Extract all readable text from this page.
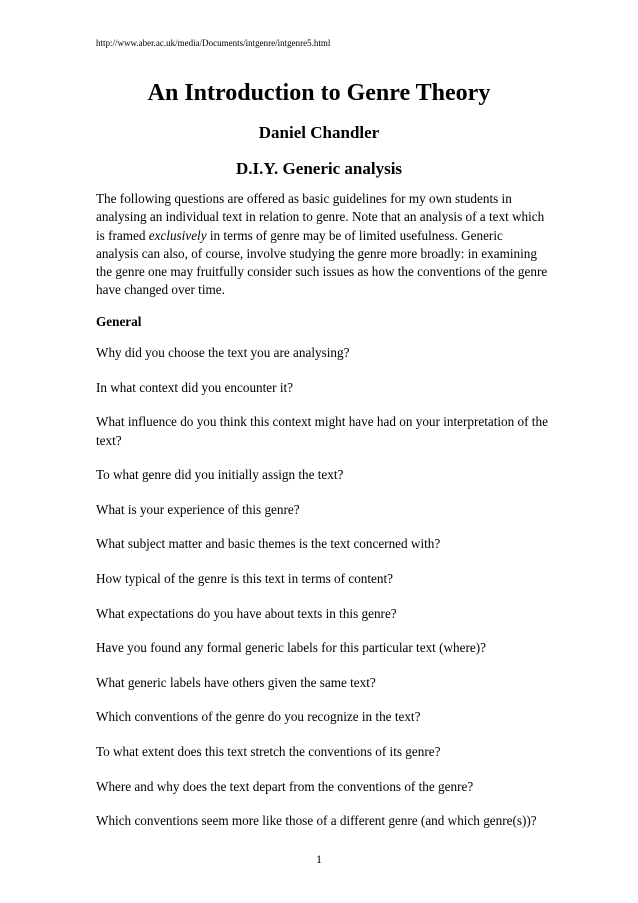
http://www.aber.ac.uk/media/Documents/intgenre/intgenre5.html
An Introduction to Genre Theory
Daniel Chandler
D.I.Y. Generic analysis

The following questions are offered as basic guidelines for my own students in analysing an individual text in relation to genre. Note that an analysis of a text which is framed exclusively in terms of genre may be of limited usefulness. Generic analysis can also, of course, involve studying the genre more broadly: in examining the genre one may fruitfully consider such issues as how the conventions of the genre have changed over time.

General

Why did you choose the text you are analysing?

In what context did you encounter it?

What influence do you think this context might have had on your interpretation of the text?

To what genre did you initially assign the text?

What is your experience of this genre?

What subject matter and basic themes is the text concerned with?

How typical of the genre is this text in terms of content?

What expectations do you have about texts in this genre?

Have you found any formal generic labels for this particular text (where)?

What generic labels have others given the same text?

Which conventions of the genre do you recognize in the text?

To what extent does this text stretch the conventions of its genre?

Where and why does the text depart from the conventions of the genre?

Which conventions seem more like those of a different genre (and which genre(s))?

1
